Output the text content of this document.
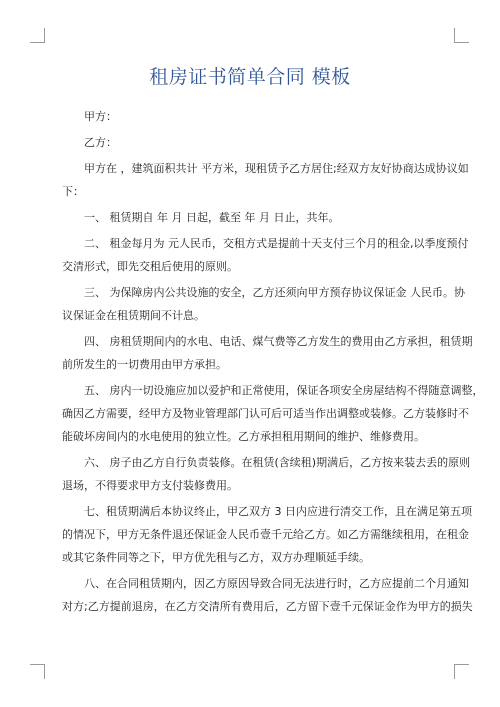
租房证书简单合同 模板

甲方：

乙方：

甲方在 ，建筑面积共计 平方米，现租赁予乙方居住;经双方友好协商达成协议如

下：

一、 租赁期自 年 月 日起，截至 年 月 日止，共年。

二、 租金每月为 元人民币，交租方式是提前十天支付三个月的租金,以季度预付

交清形式，即先交租后使用的原则。

三、 为保障房内公共设施的安全，乙方还须向甲方预存协议保证金 人民币。协

议保证金在租赁期间不计息。

四、 房租赁期间内的水电、电话、煤气费等乙方发生的费用由乙方承担，租赁期

前所发生的一切费用由甲方承担。

五、 房内一切设施应加以爱护和正常使用，保证各项安全房屋结构不得随意调整，

确因乙方需要，经甲方及物业管理部门认可后可适当作出调整或装修。乙方装修时不

能破坏房间内的水电使用的独立性。乙方承担租用期间的维护、维修费用。

六、 房子由乙方自行负责装修。在租赁(含续租)期满后，乙方按来装去丢的原则

退场，不得要求甲方支付装修费用。

七、租赁期满后本协议终止，甲乙双方 3 日内应进行清交工作，且在满足第五项

的情况下，甲方无条件退还保证金人民币壹千元给乙方。如乙方需继续租用，在租金

或其它条件同等之下，甲方优先租与乙方，双方办理顺延手续。

八、在合同租赁期内，因乙方原因导致合同无法进行时，乙方应提前二个月通知

对方;乙方提前退房，在乙方交清所有费用后，乙方留下壹千元保证金作为甲方的损失
